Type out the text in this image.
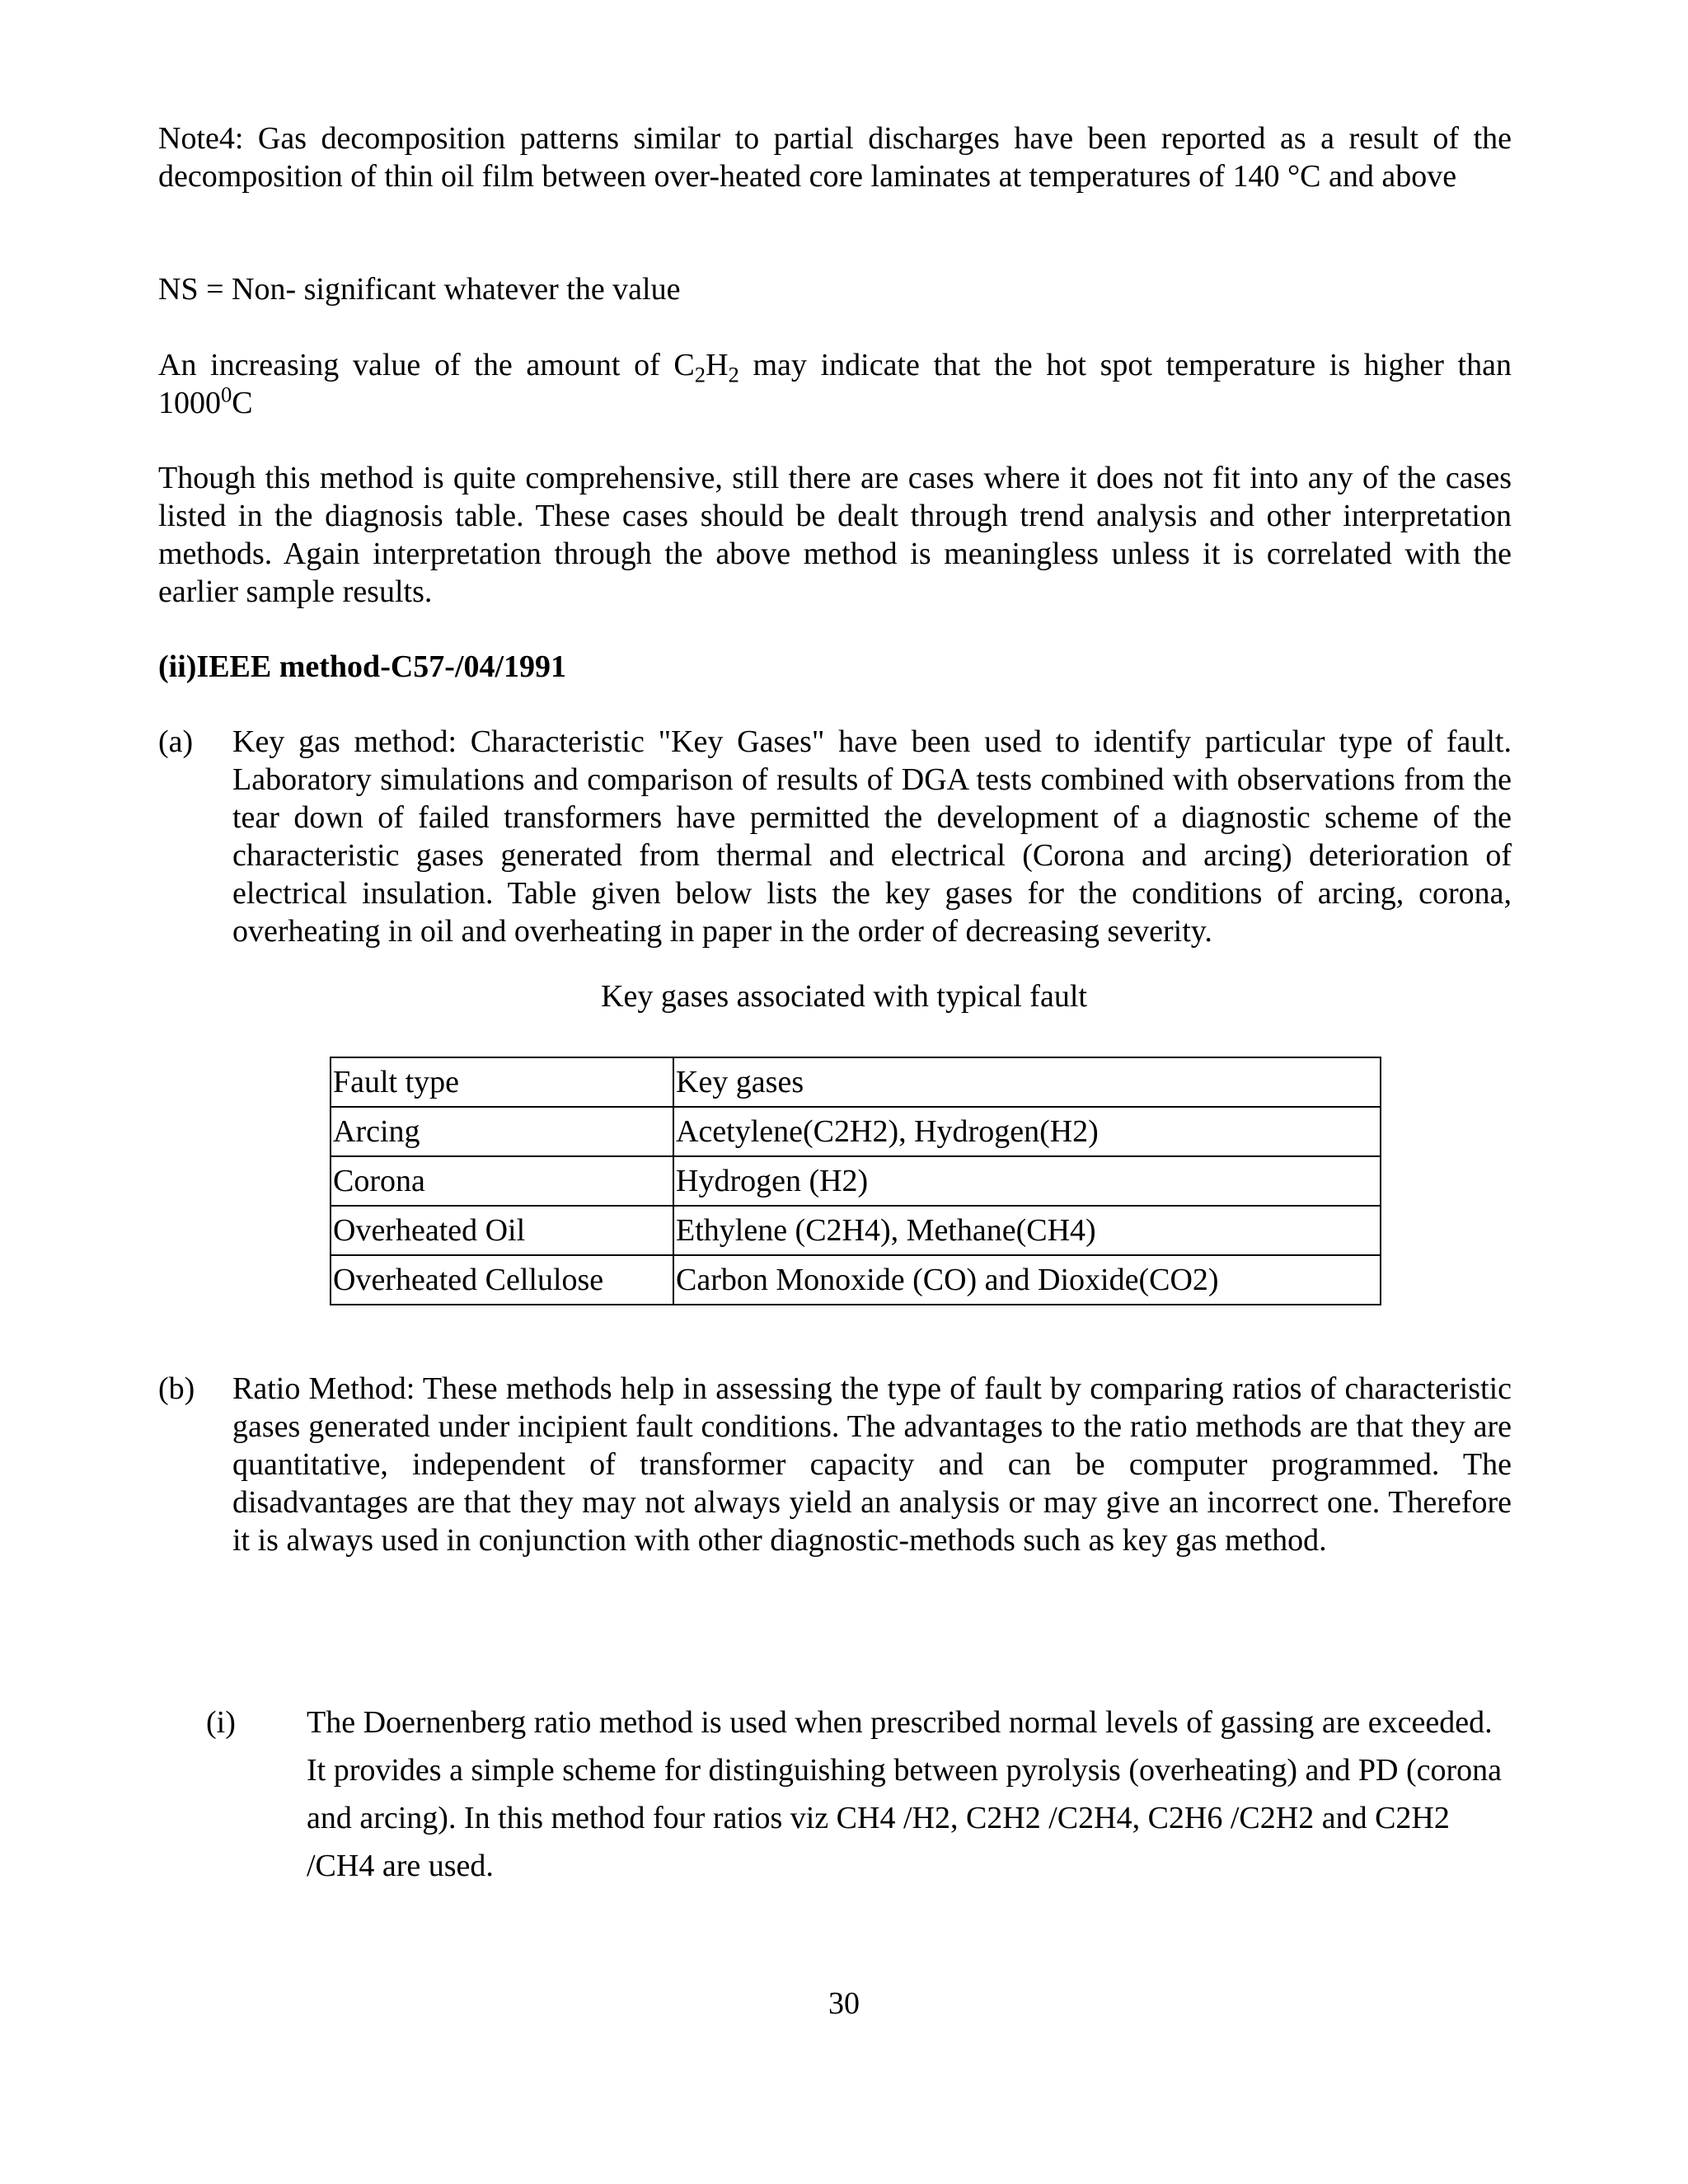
Note4: Gas decomposition patterns similar to partial discharges have been reported as a result of the decomposition of thin oil film between over-heated core laminates at temperatures of 140 °C and above
NS = Non- significant whatever the value
An increasing value of the amount of $C_2H_2$ may indicate that the hot spot temperature is higher than 1000$^0$C
Though this method is quite comprehensive, still there are cases where it does not fit into any of the cases listed in the diagnosis table. These cases should be dealt through trend analysis and other interpretation methods. Again interpretation through the above method is meaningless unless it is correlated with the earlier sample results.
(ii)IEEE method-C57-/04/1991
(a) Key gas method: Characteristic "Key Gases" have been used to identify particular type of fault. Laboratory simulations and comparison of results of DGA tests combined with observations from the tear down of failed transformers have permitted the development of a diagnostic scheme of the characteristic gases generated from thermal and electrical (Corona and arcing) deterioration of electrical insulation. Table given below lists the key gases for the conditions of arcing, corona, overheating in oil and overheating in paper in the order of decreasing severity.
Key gases associated with typical fault
Fault type	Key gases
Arcing	Acetylene(C2H2), Hydrogen(H2)
Corona	Hydrogen (H2)
Overheated Oil	Ethylene (C2H4), Methane(CH4)
Overheated Cellulose	Carbon Monoxide (CO) and Dioxide(CO2)
(b) Ratio Method: These methods help in assessing the type of fault by comparing ratios of characteristic gases generated under incipient fault conditions. The advantages to the ratio methods are that they are quantitative, independent of transformer capacity and can be computer programmed. The disadvantages are that they may not always yield an analysis or may give an incorrect one. Therefore it is always used in conjunction with other diagnostic-methods such as key gas method.
(i) The Doernenberg ratio method is used when prescribed normal levels of gassing are exceeded. It provides a simple scheme for distinguishing between pyrolysis (overheating) and PD (corona and arcing). In this method four ratios viz CH4 /H2, C2H2 /C2H4, C2H6 /C2H2 and C2H2 /CH4 are used.
30
